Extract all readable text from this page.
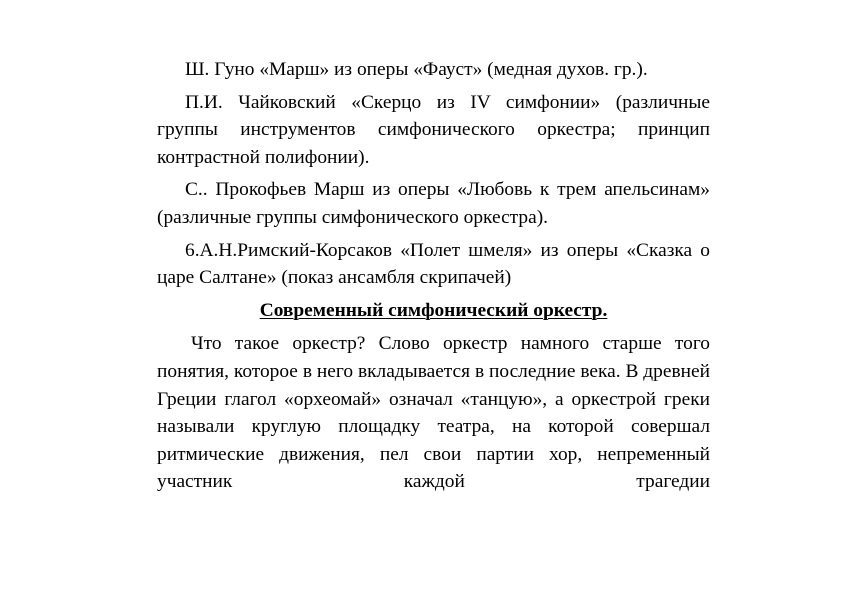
Ш. Гуно «Марш» из оперы «Фауст» (медная духов. гр.).

П.И. Чайковский «Скерцо из IV симфонии» (различные группы инструментов симфонического оркестра; принцип контрастной полифонии).

С.. Прокофьев Марш из оперы «Любовь к трем апельсинам» (различные группы симфонического оркестра).

6.А.Н.Римский-Корсаков «Полет шмеля» из оперы «Сказка о царе Салтане» (показ ансамбля скрипачей)

Современный симфонический оркестр.

Что такое оркестр? Слово оркестр намного старше того понятия, которое в него вкладывается в последние века. В древней Греции глагол «орхеомай» означал «танцую», а оркестрой греки называли круглую площадку театра, на которой совершал ритмические движения, пел свои партии хор, непременный участник каждой трагедии
